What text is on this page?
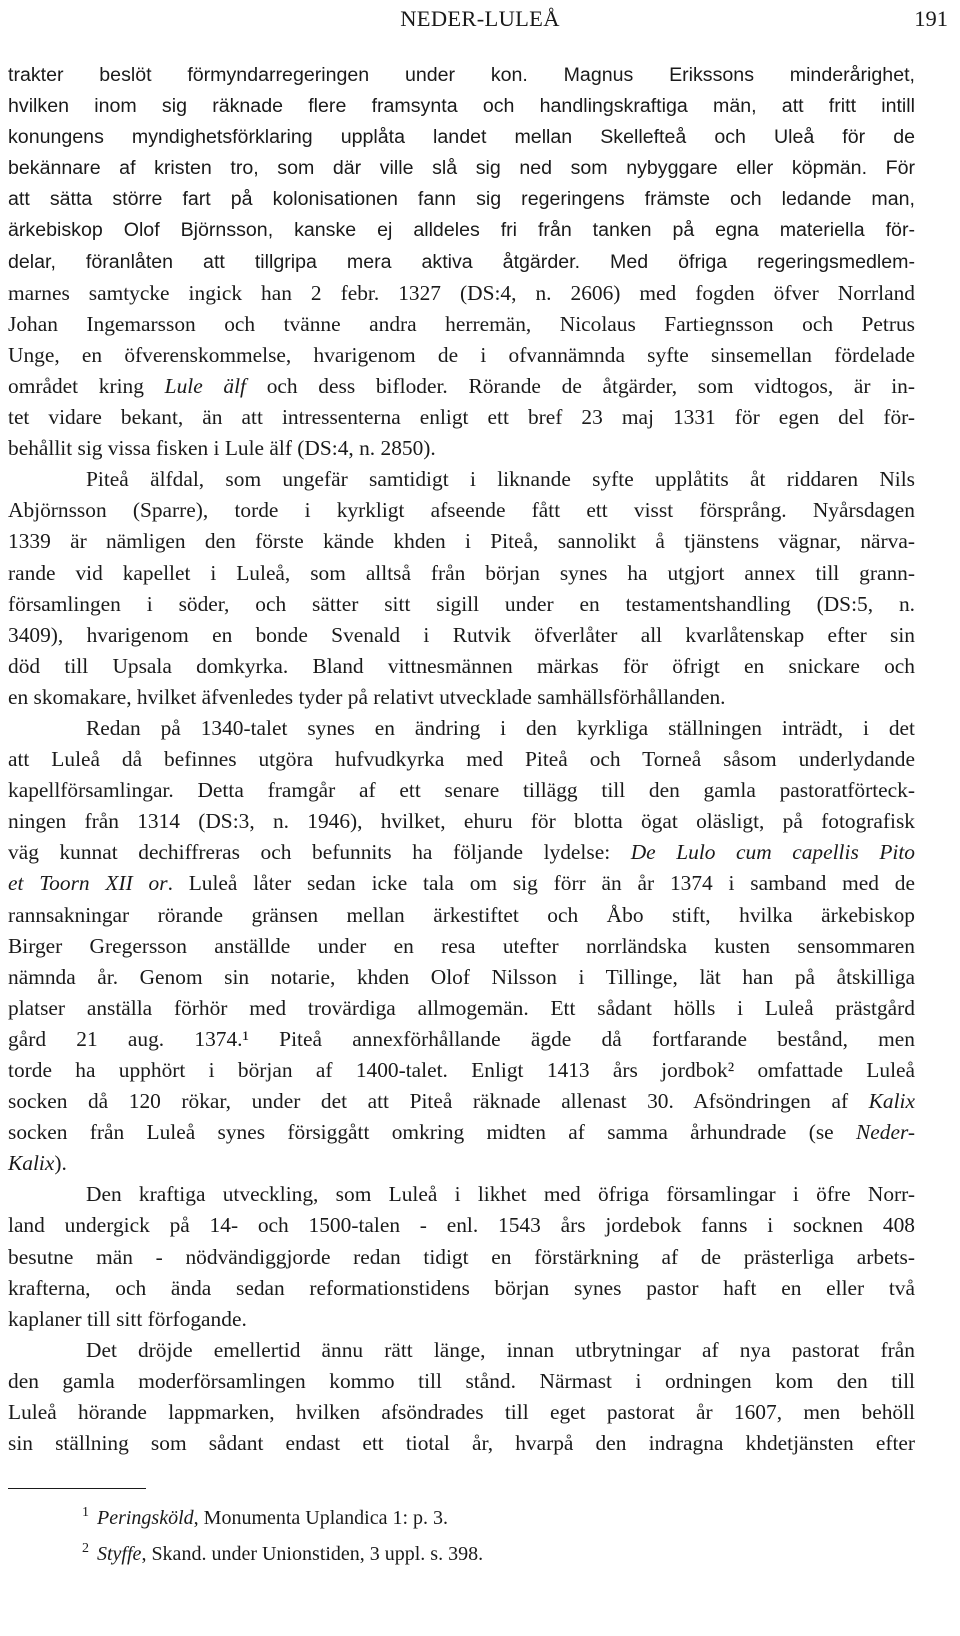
NEDER-LULEÅ	191
trakter beslöt förmyndarregeringen under kon. Magnus Erikssons minderårighet,
hvilken inom sig räknade flere framsynta och handlingskraftiga män, att fritt intill
konungens myndighetsförklaring upplåta landet mellan Skellefteå och Uleå för de
bekännare af kristen tro, som där ville slå sig ned som nybyggare eller köpmän. För
att sätta större fart på kolonisationen fann sig regeringens främste och ledande man,
ärkebiskop Olof Björnsson, kanske ej alldeles fri från tanken på egna materiella för-
delar, föranlåten att tillgripa mera aktiva åtgärder. Med öfriga regeringsmedlem-
marnes samtycke ingick han 2 febr. 1327 (DS:4, n. 2606) med fogden öfver Norrland
Johan Ingemarsson och tvänne andra herremän, Nicolaus Fartiegnsson och Petrus
Unge, en öfverenskommelse, hvarigenom de i ofvannämnda syfte sinsemellan fördelade
området kring Lule älf och dess bifloder. Rörande de åtgärder, som vidtogos, är in-
tet vidare bekant, än att intressenterna enligt ett bref 23 maj 1331 för egen del för-
behållit sig vissa fisken i Lule älf (DS:4, n. 2850).
Piteå älfdal, som ungefär samtidigt i liknande syfte upplåtits åt riddaren Nils
Abjörnsson (Sparre), torde i kyrkligt afseende fått ett visst försprång. Nyårsdagen
1339 är nämligen den förste kände khden i Piteå, sannolikt å tjänstens vägnar, närva-
rande vid kapellet i Luleå, som alltså från början synes ha utgjort annex till grann-
församlingen i söder, och sätter sitt sigill under en testamentshandling (DS:5, n.
3409), hvarigenom en bonde Svenald i Rutvik öfverlåter all kvarlåtenskap efter sin
död till Upsala domkyrka. Bland vittnesmännen märkas för öfrigt en snickare och
en skomakare, hvilket äfvenledes tyder på relativt utvecklade samhällsförhållanden.
Redan på 1340-talet synes en ändring i den kyrkliga ställningen inträdt, i det
att Luleå då befinnes utgöra hufvudkyrka med Piteå och Torneå såsom underlydande
kapellförsamlingar. Detta framgår af ett senare tillägg till den gamla pastoratförteck-
ningen från 1314 (DS:3, n. 1946), hvilket, ehuru för blotta ögat oläsligt, på fotografisk
väg kunnat dechiffreras och befunnits ha följande lydelse: De Lulo cum capellis Pito
et Toorn XII or. Luleå låter sedan icke tala om sig förr än år 1374 i samband med de
rannsakningar rörande gränsen mellan ärkestiftet och Åbo stift, hvilka ärkebiskop
Birger Gregersson anställde under en resa utefter norrländska kusten sensommaren
nämnda år. Genom sin notarie, khden Olof Nilsson i Tillinge, lät han på åtskilliga
platser anställa förhör med trovärdiga allmogemän. Ett sådant hölls i Luleå prästgård
gård 21 aug. 1374.¹ Piteå annexförhållande ägde då fortfarande bestånd, men
torde ha upphört i början af 1400-talet. Enligt 1413 års jordbok² omfattade Luleå
socken då 120 rökar, under det att Piteå räknade allenast 30. Afsöndringen af Kalix
socken från Luleå synes försiggått omkring midten af samma århundrade (se Neder-
Kalix).
Den kraftiga utveckling, som Luleå i likhet med öfriga församlingar i öfre Norr-
land undergick på 14- och 1500-talen - enl. 1543 års jordebok fanns i socknen 408
besutne män - nödvändiggjorde redan tidigt en förstärkning af de prästerliga arbets-
krafterna, och ända sedan reformationstidens början synes pastor haft en eller två
kaplaner till sitt förfogande.
Det dröjde emellertid ännu rätt länge, innan utbrytningar af nya pastorat från
den gamla moderförsamlingen kommo till stånd. Närmast i ordningen kom den till
Luleå hörande lappmarken, hvilken afsöndrades till eget pastorat år 1607, men behöll
sin ställning som sådant endast ett tiotal år, hvarpå den indragna khdetjänsten efter
$^1$ Peringsköld, Monumenta Uplandica 1: p. 3.
$^2$ Styffe, Skand. under Unionstiden, 3 uppl. s. 398.
